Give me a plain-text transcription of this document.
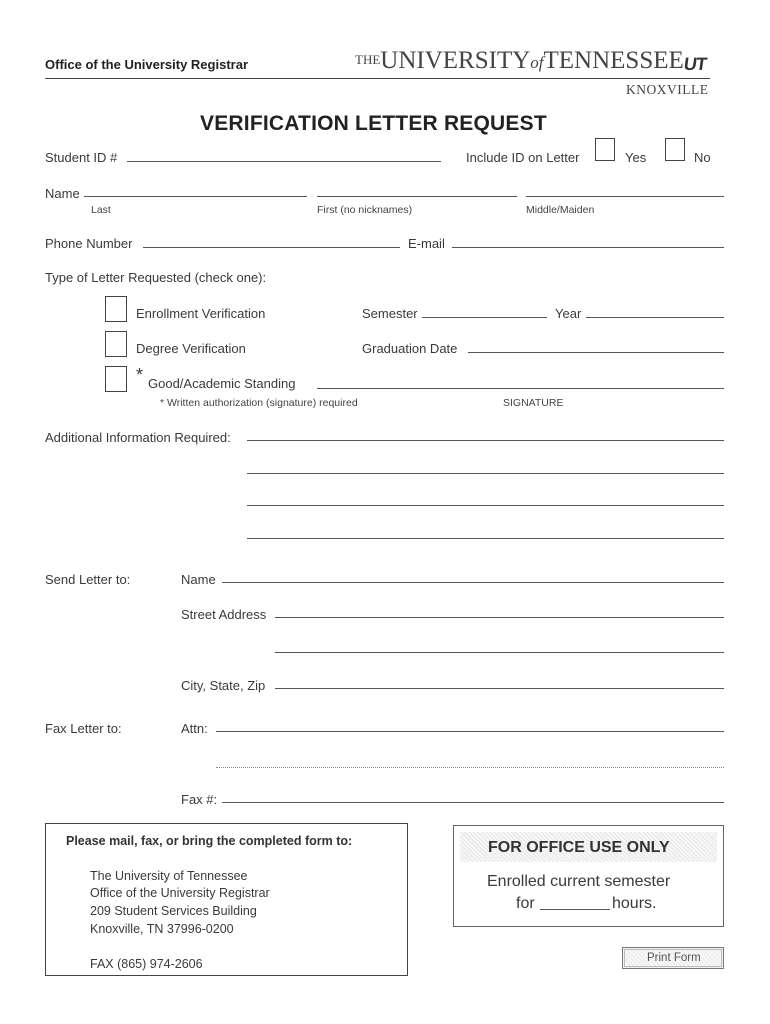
Office of the University Registrar	$^{THE}$UNIVERSITYofTENNESSEE
UT
KNOXVILLE
VERIFICATION LETTER REQUEST
Student ID #	Include ID on Letter	Yes	No
Name
Last	First (no nicknames)	Middle/Maiden
Phone Number	E-mail
Type of Letter Requested (check one):
Enrollment Verification	Semester	Year
Degree Verification	Graduation Date
* Good/Academic Standing
* Written authorization (signature) required	SIGNATURE
Additional Information Required:
Send Letter to:	Name
Street Address
City, State, Zip
Fax Letter to:	Attn:
Fax #:
Please mail, fax, or bring the completed form to:
The University of Tennessee
Office of the University Registrar
209 Student Services Building
Knoxville, TN 37996-0200
FAX (865) 974-2606
FOR OFFICE USE ONLY
Enrolled current semester
for	hours.
Print Form
